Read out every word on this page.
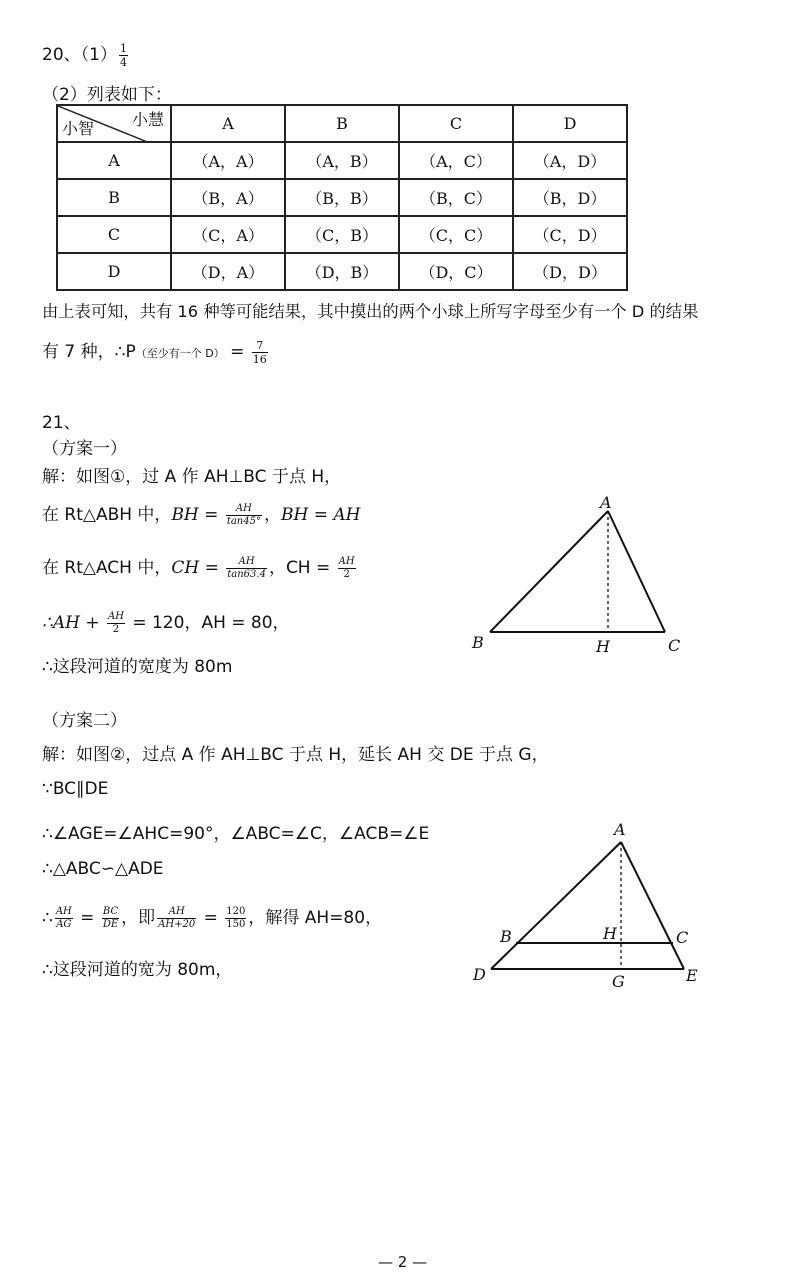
20、$(1) \frac{1}{4}$
（2）列表如下：
小慧
小智	A	B	C	D
A	（A，A）	（A，B）	（A，C）	（A，D）
B	（B，A）	（B，B）	（B，C）	（B，D）
C	（C，A）	（C，B）	（C，C）	（C，D）
D	（D，A）	（D，B）	（D，C）	（D，D）
由上表可知，共有 16 种等可能结果，其中摸出的两个小球上所写字母至少有一个 D 的结果
有 7 种，∴P（至少有一个 $D) = \frac{7}{16}$
21、
（方案一）
解：如图①，过 A 作 AH⊥BC 于点 H，
在 Rt△ABH 中，BH = $\frac{AH}{\tan 45^\circ}$ ，BH = AH
在 Rt△ACH 中，CH = $\frac{AH}{\tan 63.4}$ ，CH = $\frac{AH}{2}$
∴AH + $\frac{AH}{2} = 120$，AH = 80，
∴这段河道的宽度为 80m
A
B	H	C
（方案二）
解：如图②，过点 A 作 AH⊥BC 于点 H，延长 AH 交 DE 于点 G，
∵BC∥DE
∴∠AGE=∠AHC=90°，∠ABC=∠C，∠ACB=∠E
∴△ABC∽△ADE
∴ $\frac{AH}{AG} = \frac{BC}{DE}$ ，即 $\frac{AH}{AH+20} = \frac{120}{150}$ ，解得 AH=80，
∴这段河道的宽为 80m，
A
B	H	C
D	G	E
— 2 —
